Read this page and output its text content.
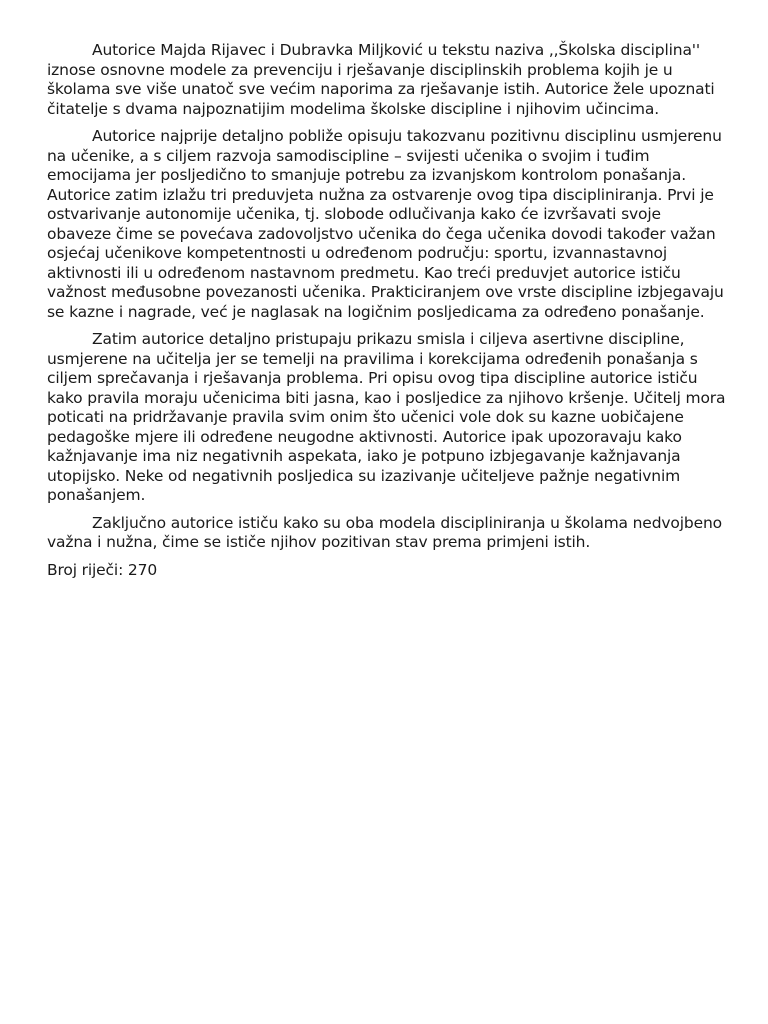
Autorice Majda Rijavec i Dubravka Miljković u tekstu naziva ,,Školska disciplina'' iznose osnovne modele za prevenciju i rješavanje disciplinskih problema kojih je u školama sve više unatoč sve većim naporima za rješavanje istih. Autorice žele upoznati čitatelje s dvama najpoznatijim modelima školske discipline i njihovim učincima.

Autorice najprije detaljno pobliže opisuju takozvanu pozitivnu disciplinu usmjerenu na učenike, a s ciljem razvoja samodiscipline – svijesti učenika o svojim i tuđim emocijama jer posljedično to smanjuje potrebu za izvanjskom kontrolom ponašanja. Autorice zatim izlažu tri preduvjeta nužna za ostvarenje ovog tipa discipliniranja. Prvi je ostvarivanje autonomije učenika, tj. slobode odlučivanja kako će izvršavati svoje obaveze čime se povećava zadovoljstvo učenika do čega učenika dovodi također važan osjećaj učenikove kompetentnosti u određenom području: sportu, izvannastavnoj aktivnosti ili u određenom nastavnom predmetu. Kao treći preduvjet autorice ističu važnost međusobne povezanosti učenika. Prakticiranjem ove vrste discipline izbjegavaju se kazne i nagrade, već je naglasak na logičnim posljedicama za određeno ponašanje.

Zatim autorice detaljno pristupaju prikazu smisla i ciljeva asertivne discipline, usmjerene na učitelja jer se temelji na pravilima i korekcijama određenih ponašanja s ciljem sprečavanja i rješavanja problema. Pri opisu ovog tipa discipline autorice ističu kako pravila moraju učenicima biti jasna, kao i posljedice za njihovo kršenje. Učitelj mora poticati na pridržavanje pravila svim onim što učenici vole dok su kazne uobičajene pedagoške mjere ili određene neugodne aktivnosti. Autorice ipak upozoravaju kako kažnjavanje ima niz negativnih aspekata, iako je potpuno izbjegavanje kažnjavanja utopijsko. Neke od negativnih posljedica su izazivanje učiteljeve pažnje negativnim ponašanjem.

Zaključno autorice ističu kako su oba modela discipliniranja u školama nedvojbeno važna i nužna, čime se ističe njihov pozitivan stav prema primjeni istih.

Broj riječi: 270
